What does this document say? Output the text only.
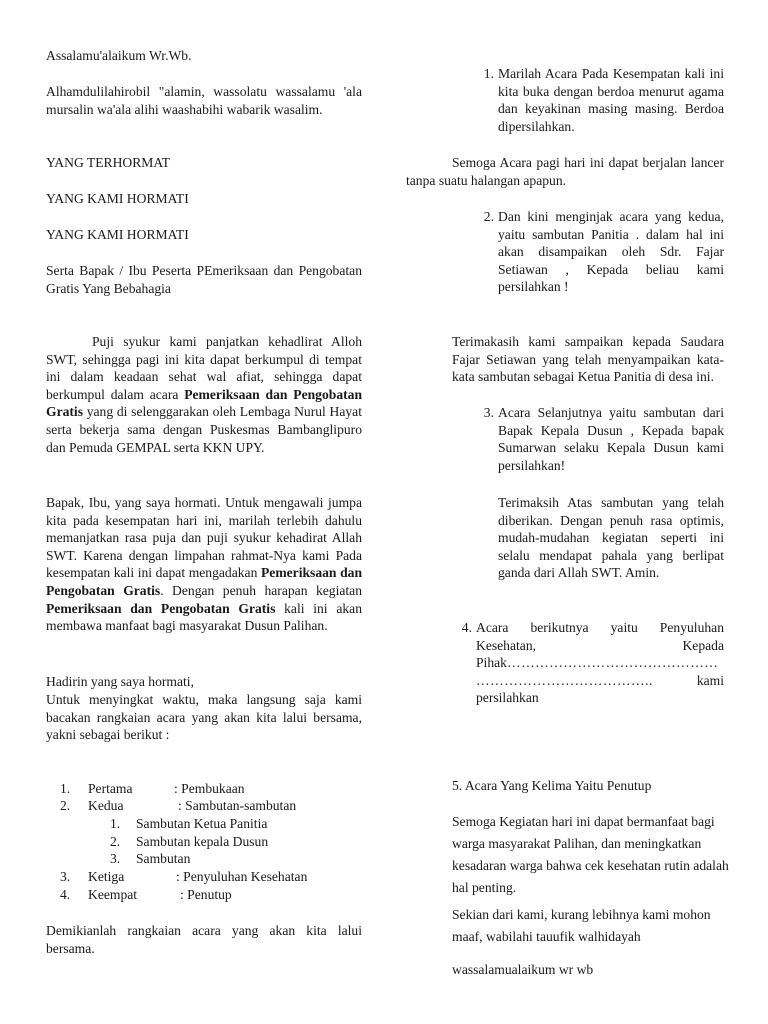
Assalamu'alaikum Wr.Wb.

Alhamdulilahirobil "alamin, wassolatu wassalamu 'ala mursalin wa'ala alihi waashabihi wabarik wasalim.

YANG TERHORMAT

YANG KAMI HORMATI

YANG KAMI HORMATI

Serta Bapak / Ibu Peserta PEmeriksaan dan Pengobatan Gratis Yang Bebahagia

Puji syukur kami panjatkan kehadlirat Alloh SWT, sehingga pagi ini kita dapat berkumpul di tempat ini dalam keadaan sehat wal afiat, sehingga dapat berkumpul dalam acara Pemeriksaan dan Pengobatan Gratis yang di selenggarakan oleh Lembaga Nurul Hayat serta bekerja sama dengan Puskesmas Bambanglipuro dan Pemuda GEMPAL serta KKN UPY.

Bapak, Ibu, yang saya hormati. Untuk mengawali jumpa kita pada kesempatan hari ini, marilah terlebih dahulu memanjatkan rasa puja dan puji syukur kehadirat Allah SWT. Karena dengan limpahan rahmat-Nya kami Pada kesempatan kali ini dapat mengadakan Pemeriksaan dan Pengobatan Gratis. Dengan penuh harapan kegiatan Pemeriksaan dan Pengobatan Gratis kali ini akan membawa manfaat bagi masyarakat Dusun Palihan.

Hadirin yang saya hormati,

Untuk menyingkat waktu, maka langsung saja kami bacakan rangkaian acara yang akan kita lalui bersama, yakni sebagai berikut :

1. Pertama	: Pembukaan
2. Kedua	: Sambutan-sambutan
1. Sambutan Ketua Panitia
2. Sambutan kepala Dusun
3. Sambutan
3. Ketiga	: Penyuluhan Kesehatan
4. Keempat	: Penutup

Demikianlah rangkaian acara yang akan kita lalui bersama.

1. Marilah Acara Pada Kesempatan kali ini kita buka dengan berdoa menurut agama dan keyakinan masing masing. Berdoa dipersilahkan.

Semoga Acara pagi hari ini dapat berjalan lancer tanpa suatu halangan apapun.

2. Dan kini menginjak acara yang kedua, yaitu sambutan Panitia . dalam hal ini akan disampaikan oleh Sdr. Fajar Setiawan , Kepada beliau kami persilahkan !

Terimakasih kami sampaikan kepada Saudara Fajar Setiawan yang telah menyampaikan kata-kata sambutan sebagai Ketua Panitia di desa ini.

3. Acara Selanjutnya yaitu sambutan dari Bapak Kepala Dusun , Kepada bapak Sumarwan selaku Kepala Dusun kami persilahkan!

Terimaksih Atas sambutan yang telah diberikan. Dengan penuh rasa optimis, mudah-mudahan kegiatan seperti ini selalu mendapat pahala yang berlipat ganda dari Allah SWT. Amin.

4. Acara berikutnya yaitu Penyuluhan
Kesehatan,	Kepada
Pihak………………………………………
………………………………..	kami
persilahkan

5. Acara Yang Kelima Yaitu Penutup

Semoga Kegiatan hari ini dapat bermanfaat bagi warga masyarakat Palihan, dan meningkatkan kesadaran warga bahwa cek kesehatan rutin adalah hal penting.

Sekian dari kami, kurang lebihnya kami mohon maaf, wabilahi tauufik walhidayah

wassalamualaikum wr wb
